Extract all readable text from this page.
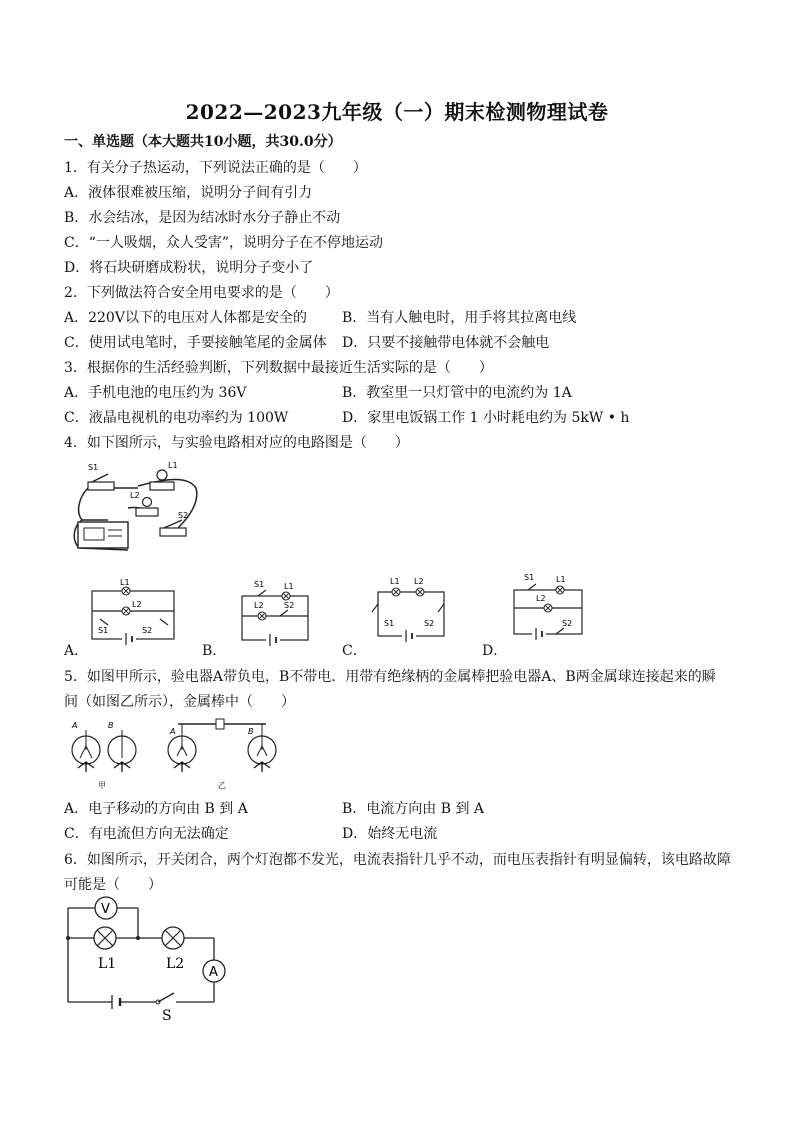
2022—2023九年级（一）期末检测物理试卷
一、单选题（本大题共10小题，共30.0分）
1．有关分子热运动，下列说法正确的是（　　）
A．液体很难被压缩，说明分子间有引力
B．水会结冰，是因为结冰时水分子静止不动
C．“一人吸烟，众人受害”，说明分子在不停地运动
D．将石块研磨成粉状，说明分子变小了
2．下列做法符合安全用电要求的是（　　）
A．220V以下的电压对人体都是安全的	B．当有人触电时，用手将其拉离电线
C．使用试电笔时，手要接触笔尾的金属体 D．只要不接触带电体就不会触电
3．根据你的生活经验判断，下列数据中最接近生活实际的是（　　）
A．手机电池的电压约为 36V	B．教室里一只灯管中的电流约为 1A
C．液晶电视机的电功率约为 100W	D．家里电饭锅工作 1 小时耗电约为 5kW • h
4．如下图所示，与实验电路相对应的电路图是（　　）
S1	L1
L2
S2
A．
L1
L2
S1	S2
B．
S1 L1
L2	S2
C．
L1 L2
S1	S2
D．
S1	L1
L2
S2
5．如图甲所示，验电器A带负电，B不带电．用带有绝缘柄的金属棒把验电器A、B两金属球连接起来的瞬
间（如图乙所示），金属棒中（　　）
A	B
甲
A	B
乙
A．电子移动的方向由 B 到 A	B．电流方向由 B 到 A
C．有电流但方向无法确定	D．始终无电流
6．如图所示，开关闭合，两个灯泡都不发光，电流表指针几乎不动，而电压表指针有明显偏转，该电路故障
可能是（　　）
V
L1	L2
A
S
